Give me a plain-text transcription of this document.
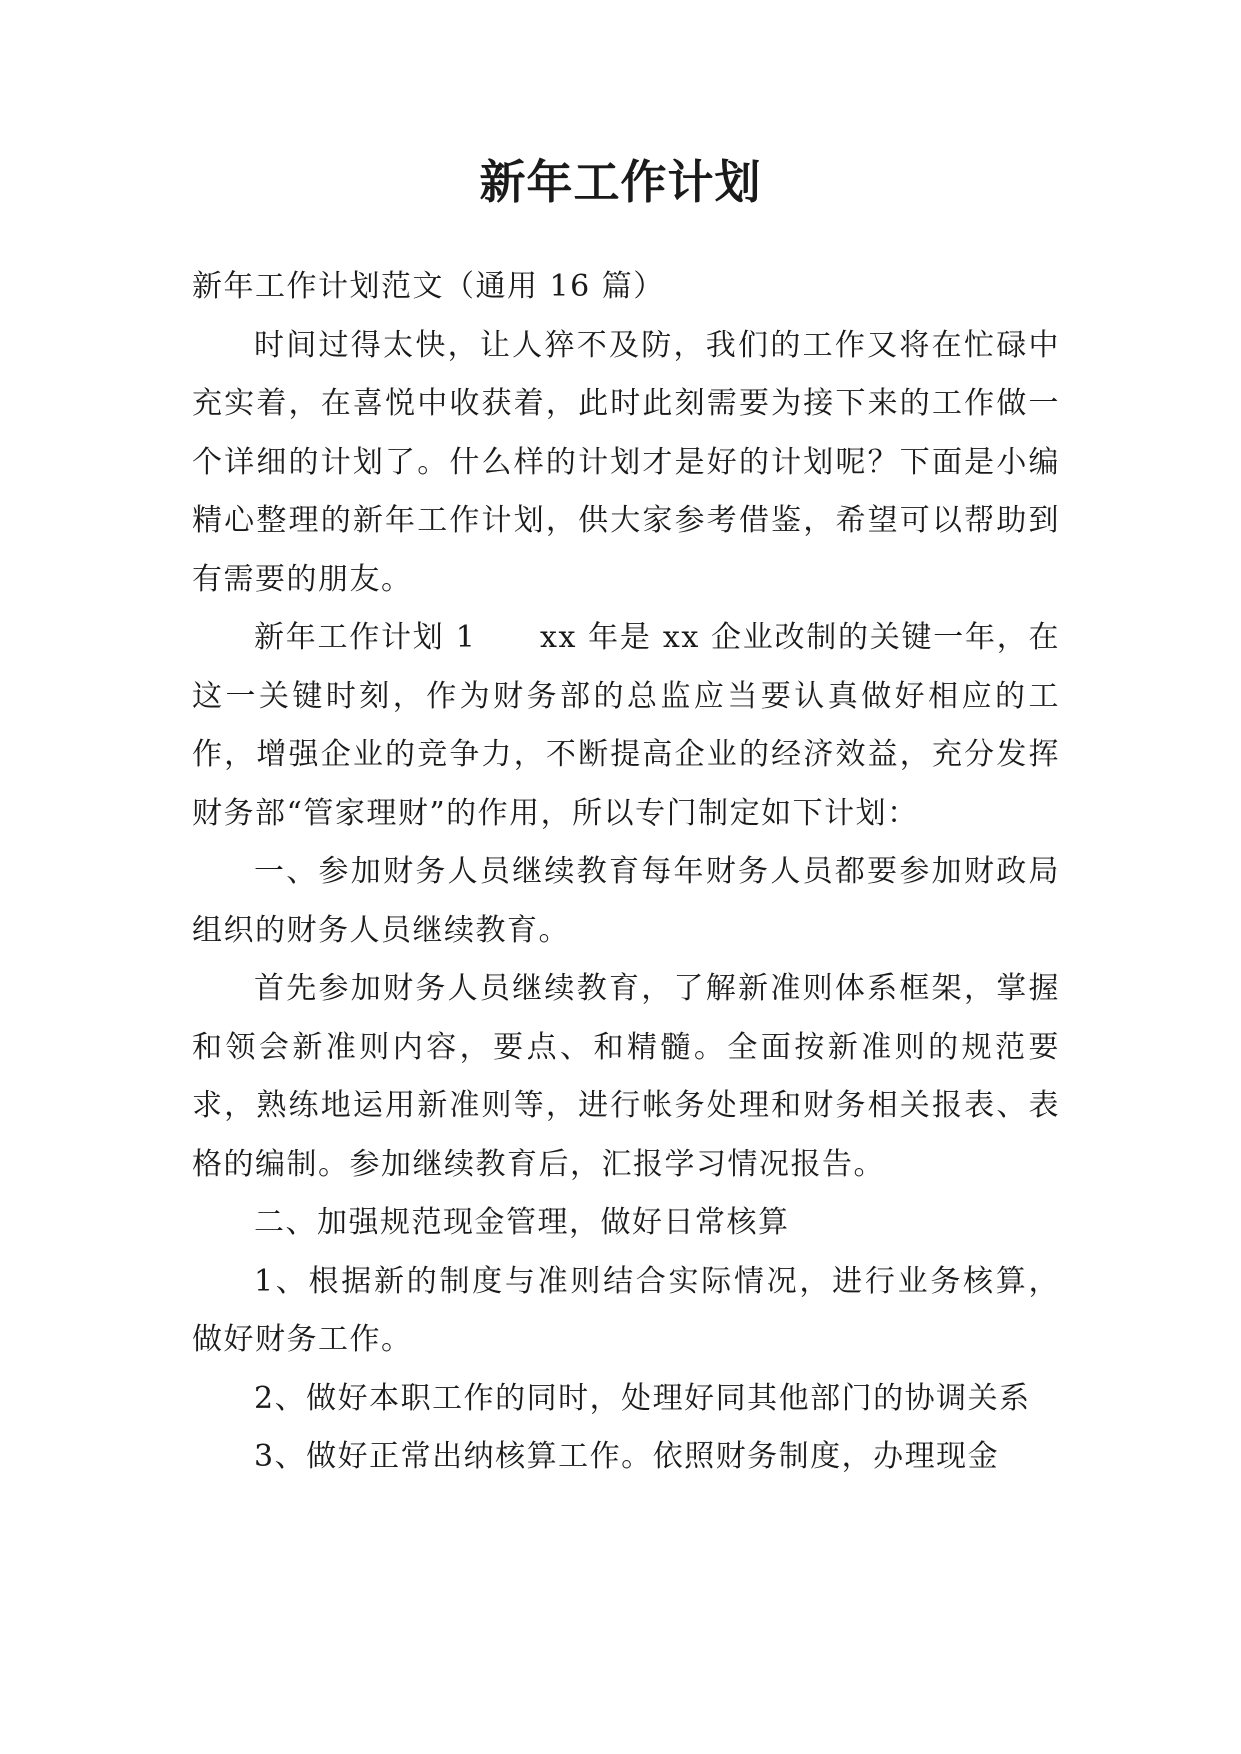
新年工作计划

新年工作计划范文（通用 16 篇）

时间过得太快，让人猝不及防，我们的工作又将在忙碌中充实着，在喜悦中收获着，此时此刻需要为接下来的工作做一个详细的计划了。什么样的计划才是好的计划呢？下面是小编精心整理的新年工作计划，供大家参考借鉴，希望可以帮助到有需要的朋友。

新年工作计划 1　　xx 年是 xx 企业改制的关键一年，在这一关键时刻，作为财务部的总监应当要认真做好相应的工作，增强企业的竞争力，不断提高企业的经济效益，充分发挥财务部“管家理财”的作用，所以专门制定如下计划：

一、参加财务人员继续教育每年财务人员都要参加财政局组织的财务人员继续教育。

首先参加财务人员继续教育，了解新准则体系框架，掌握和领会新准则内容，要点、和精髓。全面按新准则的规范要求，熟练地运用新准则等，进行帐务处理和财务相关报表、表格的编制。参加继续教育后，汇报学习情况报告。

二、加强规范现金管理，做好日常核算

1、根据新的制度与准则结合实际情况，进行业务核算，做好财务工作。

2、做好本职工作的同时，处理好同其他部门的协调关系

3、做好正常出纳核算工作。依照财务制度，办理现金
